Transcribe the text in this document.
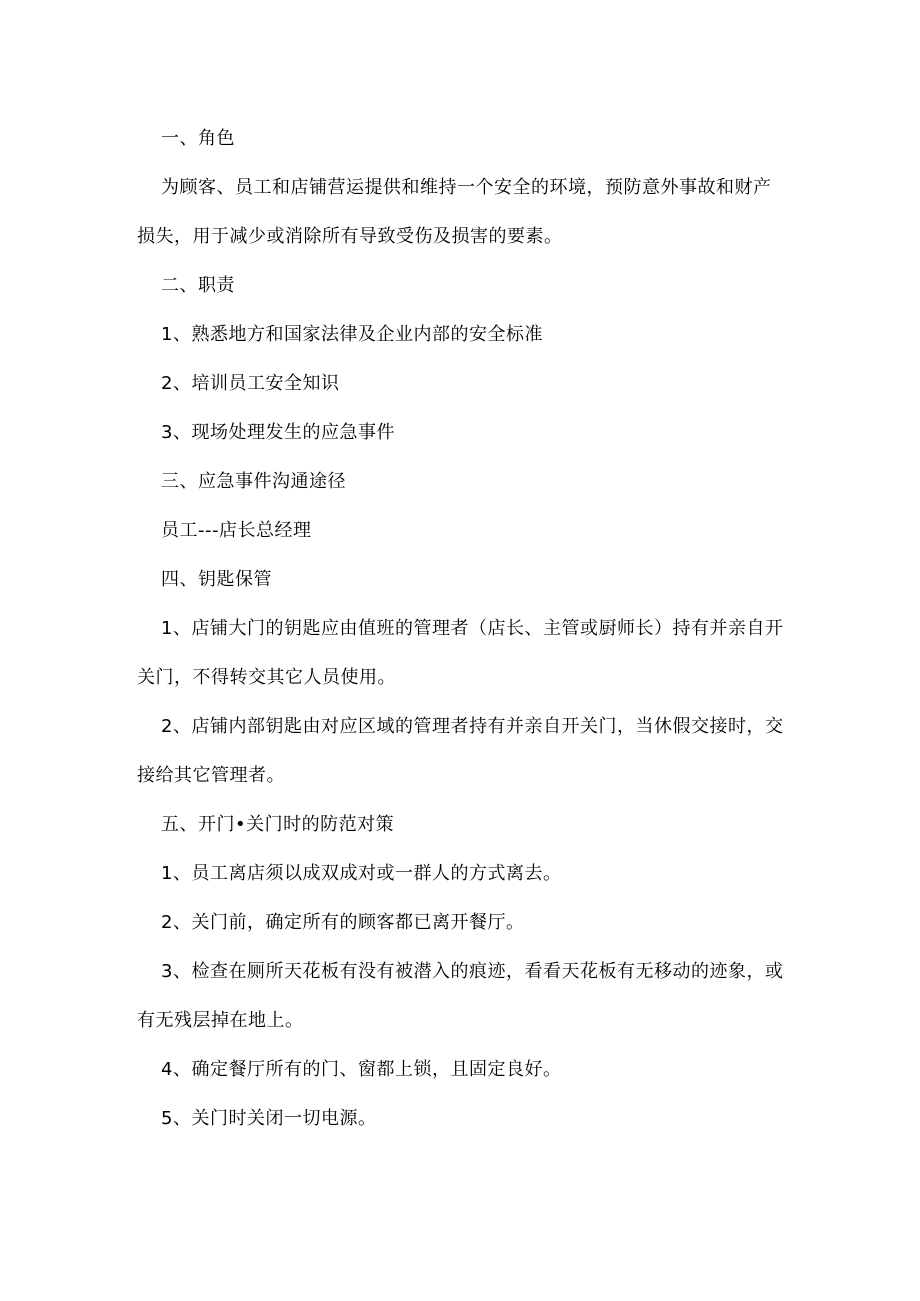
一、角色

为顾客、员工和店铺营运提供和维持一个安全的环境，预防意外事故和财产损失，用于减少或消除所有导致受伤及损害的要素。

二、职责

1、熟悉地方和国家法律及企业内部的安全标准

2、培训员工安全知识

3、现场处理发生的应急事件

三、应急事件沟通途径

员工---店长总经理

四、钥匙保管

1、店铺大门的钥匙应由值班的管理者（店长、主管或厨师长）持有并亲自开关门，不得转交其它人员使用。

2、店铺内部钥匙由对应区域的管理者持有并亲自开关门，当休假交接时，交接给其它管理者。

五、开门•关门时的防范对策

1、员工离店须以成双成对或一群人的方式离去。

2、关门前，确定所有的顾客都已离开餐厅。

3、检查在厕所天花板有没有被潜入的痕迹，看看天花板有无移动的迹象，或有无残层掉在地上。

4、确定餐厅所有的门、窗都上锁，且固定良好。

5、关门时关闭一切电源。
